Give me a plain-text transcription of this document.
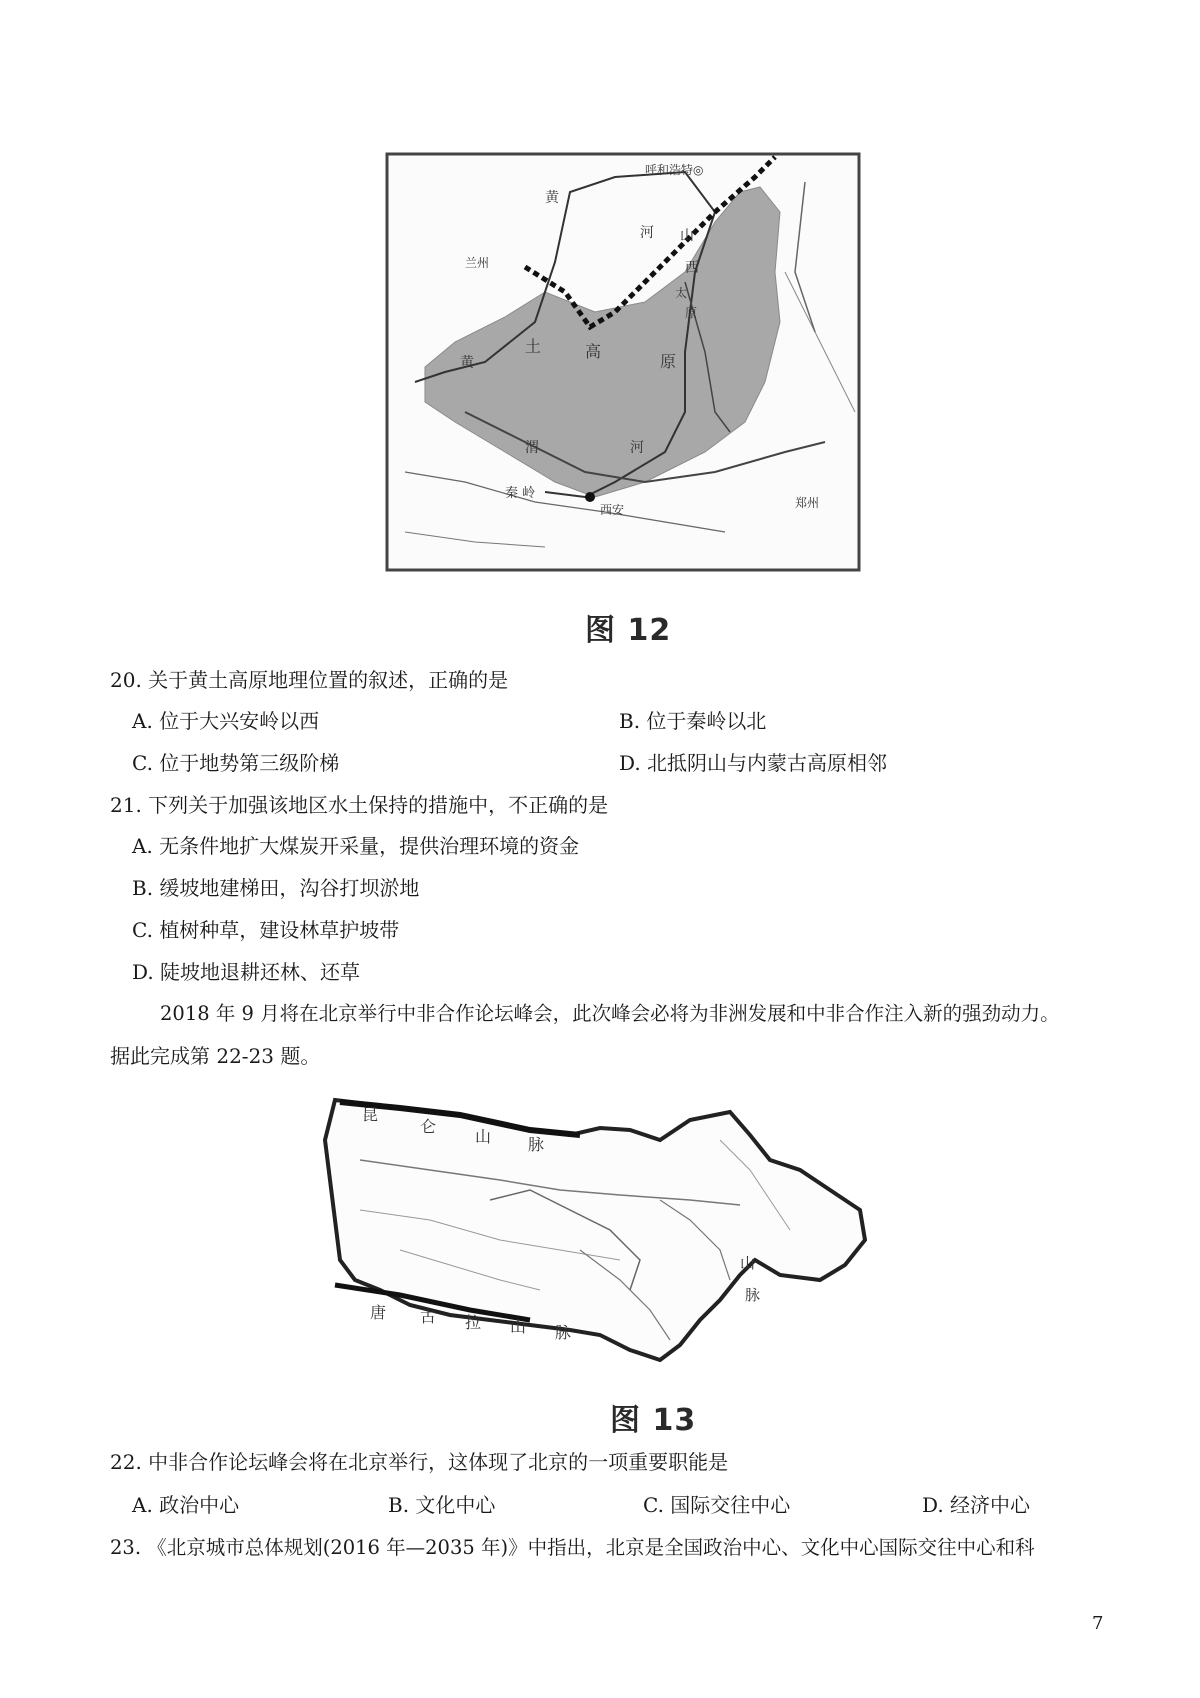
呼和浩特◎
黄
河
兰州
山
西
太
原
黄
土	高
原
渭	河
秦 岭
西安	郑州
图 12
20. 关于黄土高原地理位置的叙述，正确的是
A. 位于大兴安岭以西	B. 位于秦岭以北
C. 位于地势第三级阶梯	D. 北抵阴山与内蒙古高原相邻
21. 下列关于加强该地区水土保持的措施中，不正确的是
A. 无条件地扩大煤炭开采量，提供治理环境的资金
B. 缓坡地建梯田，沟谷打坝淤地
C. 植树种草，建设林草护坡带
D. 陡坡地退耕还林、还草
2018 年 9 月将在北京举行中非合作论坛峰会，此次峰会必将为非洲发展和中非合作注入新的强劲动力。
据此完成第 22-23 题。
昆
仑
山 脉
唐 古 拉 山 脉
山
脉
图 13
22. 中非合作论坛峰会将在北京举行，这体现了北京的一项重要职能是
A. 政治中心	B. 文化中心	C. 国际交往中心	D. 经济中心
23. 《北京城市总体规划(2016 年—2035 年)》中指出，北京是全国政治中心、文化中心国际交往中心和科
7
